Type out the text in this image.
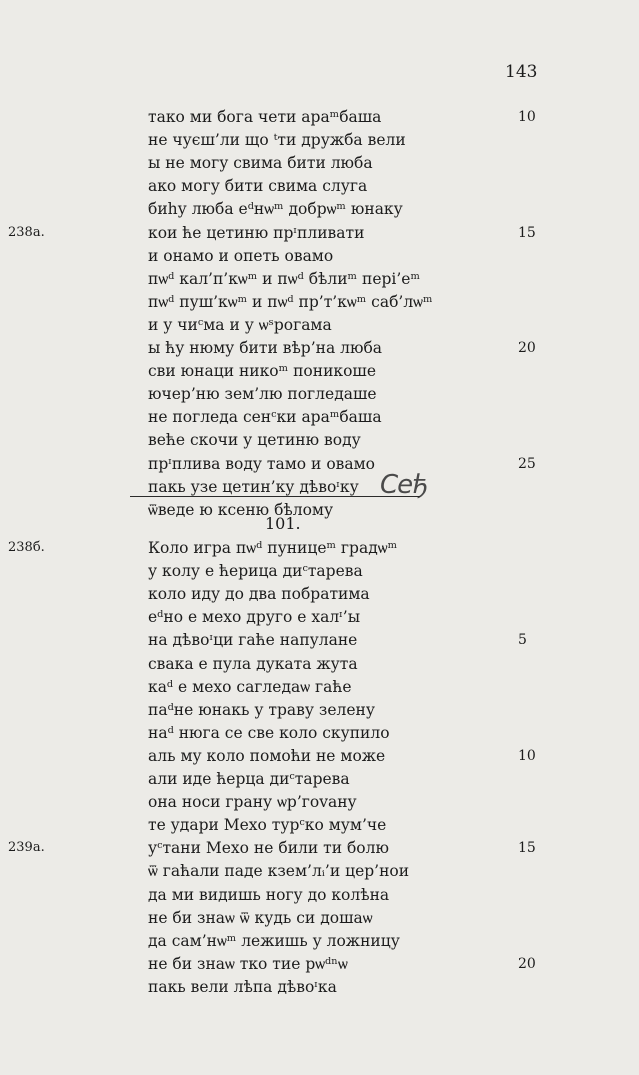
143
тако ми бога чети араᵐбаша	10
не чуєш’ли що ᵗти дружба вели
ы не могу свима бити люба
ако могу бити свима слуга
биһу люба еᵈнѡᵐ добрѡᵐ юнаку
кои ће цетиню прᶦпливати	15
238a.
и онамо и опеть овамо
пѡᵈ кал’п’кѡᵐ и пѡᵈ бѣлиᵐ пері’еᵐ
пѡᵈ пуш’кѡᵐ и пѡᵈ пр’т’кѡᵐ саб’лѡᵐ
и у чиᶜма и у ѡˢрогама
ы ћу нюму бити вѣр’на люба	20
сви юнаци никоᵐ поникоше
ючер’ню зем’лю погледаше
не погледа сенᶜки араᵐбаша
веће скочи у цетиню воду
прᶦплива воду тамо и овамо	25
пакь узе цетин’ку дѣвоᶦку
ѿведе ю ксеню бѣлому
Сеђ
101.
Коло игра пѡᵈ пуницеᵐ градѡᵐ
238б.
у колу е ћерица диᶜтарева
коло иду до два побратима
еᵈно е мехо друго е халᶦ’ы
на дѣвоᶦци гаће напулане	5
свака е пула дуката жута
каᵈ е мехо сагледаѡ гаће
паᵈне юнакь у траву зелену
наᵈ нюга се све коло скупило
аль му коло помоћи не може	10
али иде ћерца диᶜтарева
она носи грану ѡр’гovану
те удари Мехо турᶜко мум’че
уᶜтани Мехо не били ти болю	15
239a.
ѿ гаћали паде кзем’лᵢ’и цер’нои
да ми видишь ногу до колѣна
не би знаѡ ѿ кудь си дошаѡ
да сам’нѡᵐ лежишь у ложницу
не би знаѡ тко тие рѡᵈⁿѡ	20
пакь вели лѣпа дѣвоᶦка
